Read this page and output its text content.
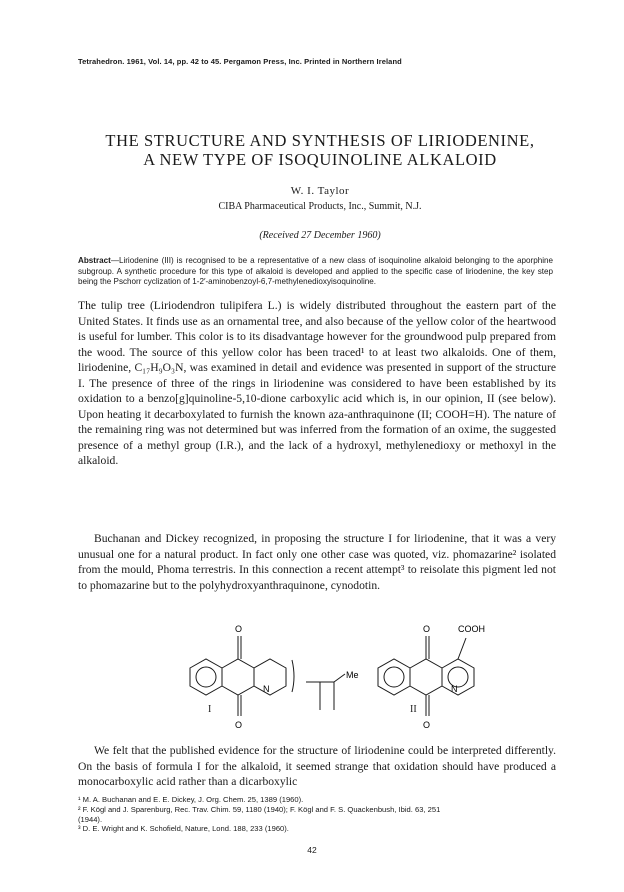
Tetrahedron. 1961, Vol. 14, pp. 42 to 45. Pergamon Press, Inc. Printed in Northern Ireland
THE STRUCTURE AND SYNTHESIS OF LIRIODENINE,
A NEW TYPE OF ISOQUINOLINE ALKALOID
W. I. Taylor
CIBA Pharmaceutical Products, Inc., Summit, N.J.
(Received 27 December 1960)
Abstract—Liriodenine (III) is recognised to be a representative of a new class of isoquinoline alkaloid belonging to the aporphine subgroup. A synthetic procedure for this type of alkaloid is developed and applied to the specific case of liriodenine, the key step being the Pschorr cyclization of 1-2′-aminobenzoyl-6,7-methylenedioxyisoquinoline.
The tulip tree (Liriodendron tulipifera L.) is widely distributed throughout the eastern part of the United States. It finds use as an ornamental tree, and also because of the yellow color of the heartwood is useful for lumber. This color is to its disadvantage however for the groundwood pulp prepared from the wood. The source of this yellow color has been traced¹ to at least two alkaloids. One of them, liriodenine, C₁₇H₉O₃N, was examined in detail and evidence was presented in support of the structure I. The presence of three of the rings in liriodenine was considered to have been established by its oxidation to a benzo[g]quinoline-5,10-dione carboxylic acid which is, in our opinion, II (see below). Upon heating it decarboxylated to furnish the known aza-anthraquinone (II; COOH=H). The nature of the remaining ring was not determined but was inferred from the formation of an oxime, the suggested presence of a methyl group (I.R.), and the lack of a hydroxyl, methylenedioxy or methoxyl in the alkaloid.
Buchanan and Dickey recognized, in proposing the structure I for liriodenine, that it was a very unusual one for a natural product. In fact only one other case was quoted, viz. phomazarine² isolated from the mould, Phoma terrestris. In this connection a recent attempt³ to reisolate this pigment led not to phomazarine but to the polyhydroxyanthraquinone, cynodotin.
O
O
N
Me
O
O
N
COOH
I	II
We felt that the published evidence for the structure of liriodenine could be interpreted differently. On the basis of formula I for the alkaloid, it seemed strange that oxidation should have produced a monocarboxylic acid rather than a dicarboxylic
¹ M. A. Buchanan and E. E. Dickey, J. Org. Chem. 25, 1389 (1960).
² F. Kögl and J. Sparenburg, Rec. Trav. Chim. 59, 1180 (1940); F. Kögl and F. S. Quackenbush, Ibid. 63, 251
(1944).
³ D. E. Wright and K. Schofield, Nature, Lond. 188, 233 (1960).
42
